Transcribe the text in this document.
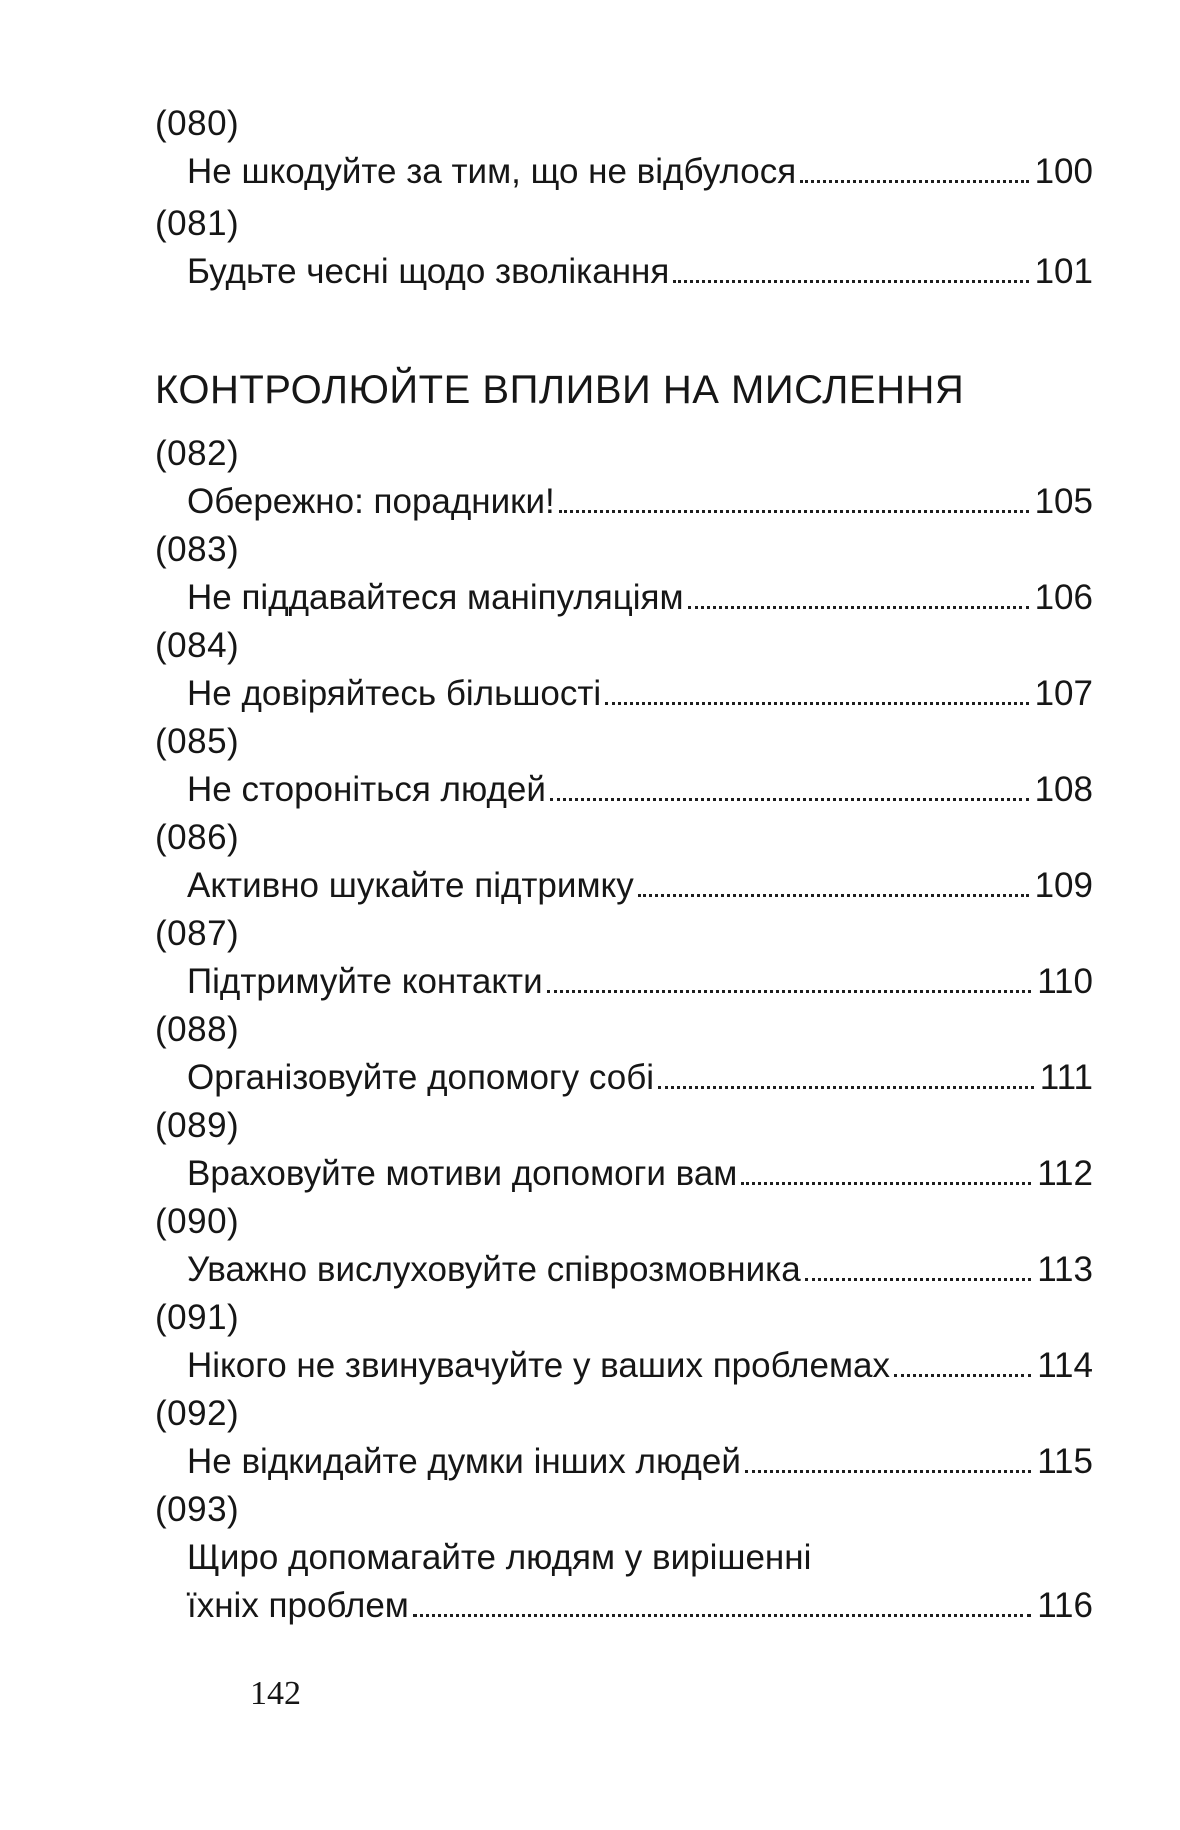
(080)
Не шкодуйте за тим, що не відбулося	100
(081)
Будьте чесні щодо зволікання	101
КОНТРОЛЮЙТЕ ВПЛИВИ НА МИСЛЕННЯ
(082)
Обережно: порадники!	105
(083)
Не піддавайтеся маніпуляціям	106
(084)
Не довіряйтесь більшості	107
(085)
Не стороніться людей	108
(086)
Активно шукайте підтримку	109
(087)
Підтримуйте контакти	110
(088)
Організовуйте допомогу собі	111
(089)
Враховуйте мотиви допомоги вам	112
(090)
Уважно вислуховуйте співрозмовника	113
(091)
Нікого не звинувачуйте у ваших проблемах	114
(092)
Не відкидайте думки інших людей	115
(093)
Щиро допомагайте людям у вирішенні
їхніх проблем	116
142
